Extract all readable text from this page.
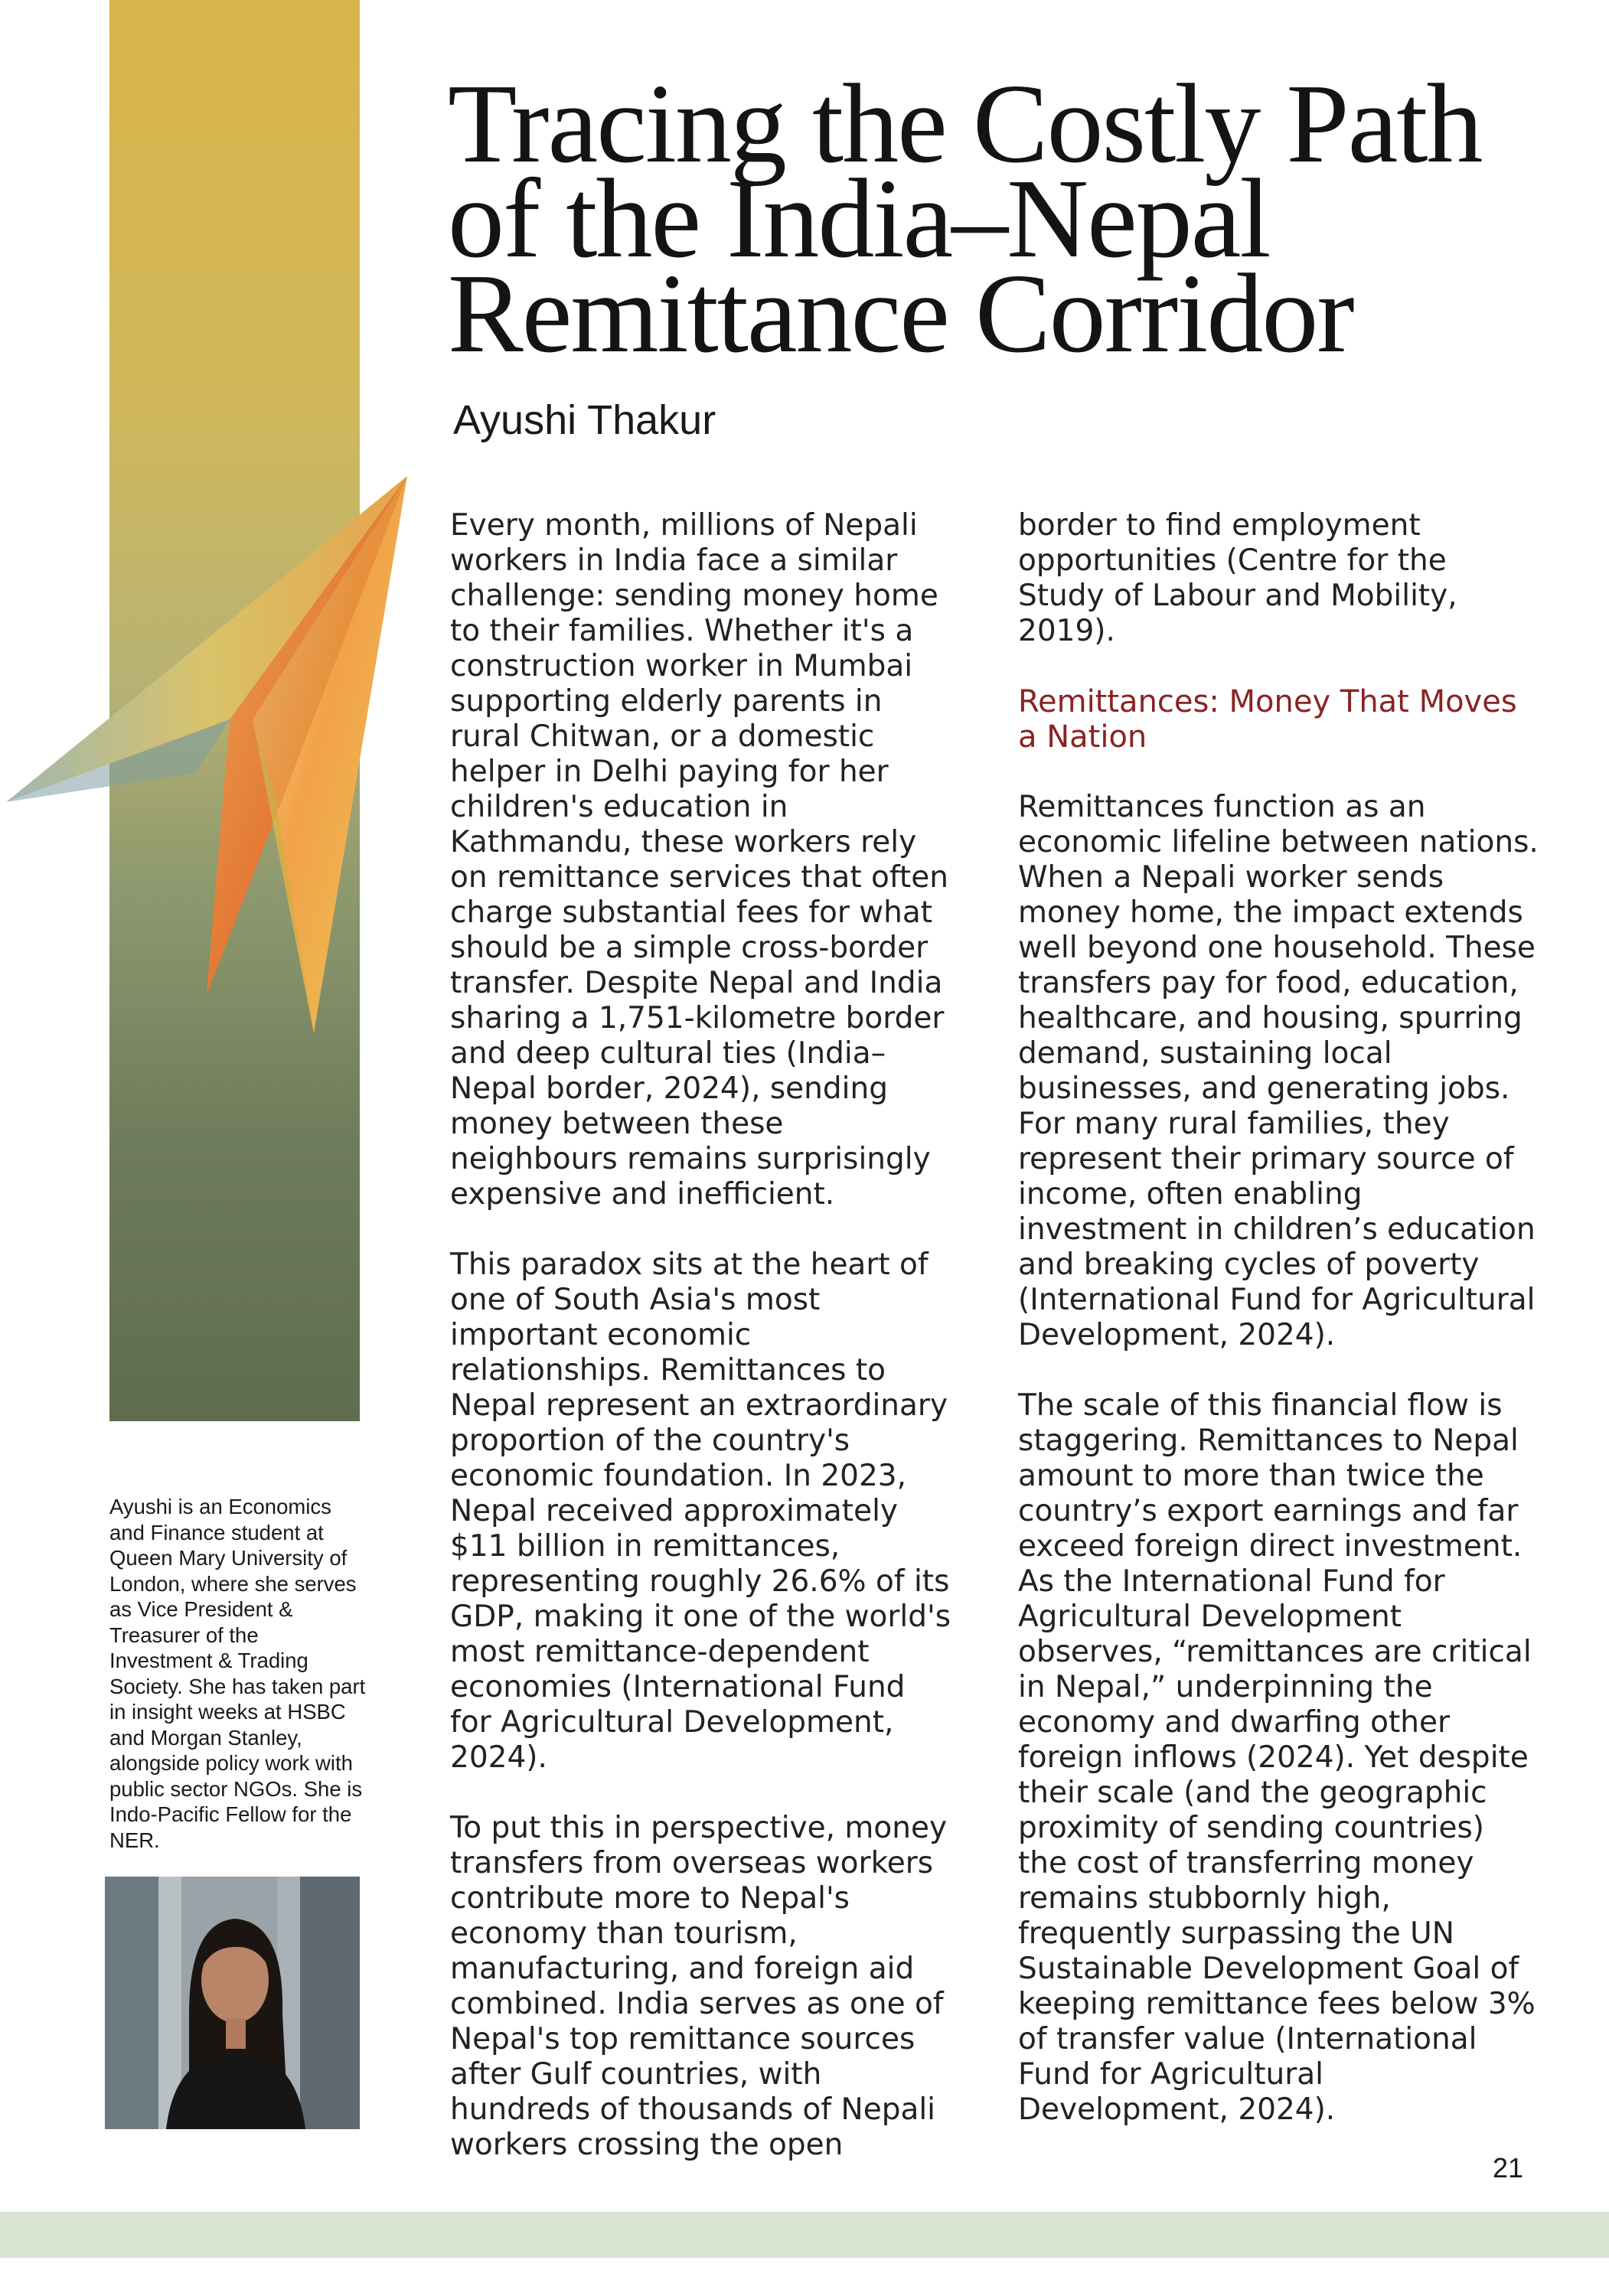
Tracing the Costly Path
of the India–Nepal
Remittance Corridor

Ayushi Thakur

Every month, millions of Nepali workers in India face a similar challenge: sending money home to their families. Whether it's a construction worker in Mumbai supporting elderly parents in rural Chitwan, or a domestic helper in Delhi paying for her children's education in Kathmandu, these workers rely on remittance services that often charge substantial fees for what should be a simple cross-border transfer. Despite Nepal and India sharing a 1,751-kilometre border and deep cultural ties (India–Nepal border, 2024), sending money between these neighbours remains surprisingly expensive and inefficient.

This paradox sits at the heart of one of South Asia's most important economic relationships. Remittances to Nepal represent an extraordinary proportion of the country's economic foundation. In 2023, Nepal received approximately $11 billion in remittances, representing roughly 26.6% of its GDP, making it one of the world's most remittance-dependent economies (International Fund for Agricultural Development, 2024).

To put this in perspective, money transfers from overseas workers contribute more to Nepal's economy than tourism, manufacturing, and foreign aid combined. India serves as one of Nepal's top remittance sources after Gulf countries, with hundreds of thousands of Nepali workers crossing the open

border to find employment opportunities (Centre for the Study of Labour and Mobility, 2019).

Remittances: Money That Moves a Nation

Remittances function as an economic lifeline between nations. When a Nepali worker sends money home, the impact extends well beyond one household. These transfers pay for food, education, healthcare, and housing, spurring demand, sustaining local businesses, and generating jobs. For many rural families, they represent their primary source of income, often enabling investment in children’s education and breaking cycles of poverty (International Fund for Agricultural Development, 2024).

The scale of this financial flow is staggering. Remittances to Nepal amount to more than twice the country’s export earnings and far exceed foreign direct investment. As the International Fund for Agricultural Development observes, “remittances are critical in Nepal,” underpinning the economy and dwarfing other foreign inflows (2024). Yet despite their scale (and the geographic proximity of sending countries) the cost of transferring money remains stubbornly high, frequently surpassing the UN Sustainable Development Goal of keeping remittance fees below 3% of transfer value (International Fund for Agricultural Development, 2024).

Ayushi is an Economics and Finance student at Queen Mary University of London, where she serves as Vice President & Treasurer of the Investment & Trading Society. She has taken part in insight weeks at HSBC and Morgan Stanley, alongside policy work with public sector NGOs. She is Indo-Pacific Fellow for the NER.

21
